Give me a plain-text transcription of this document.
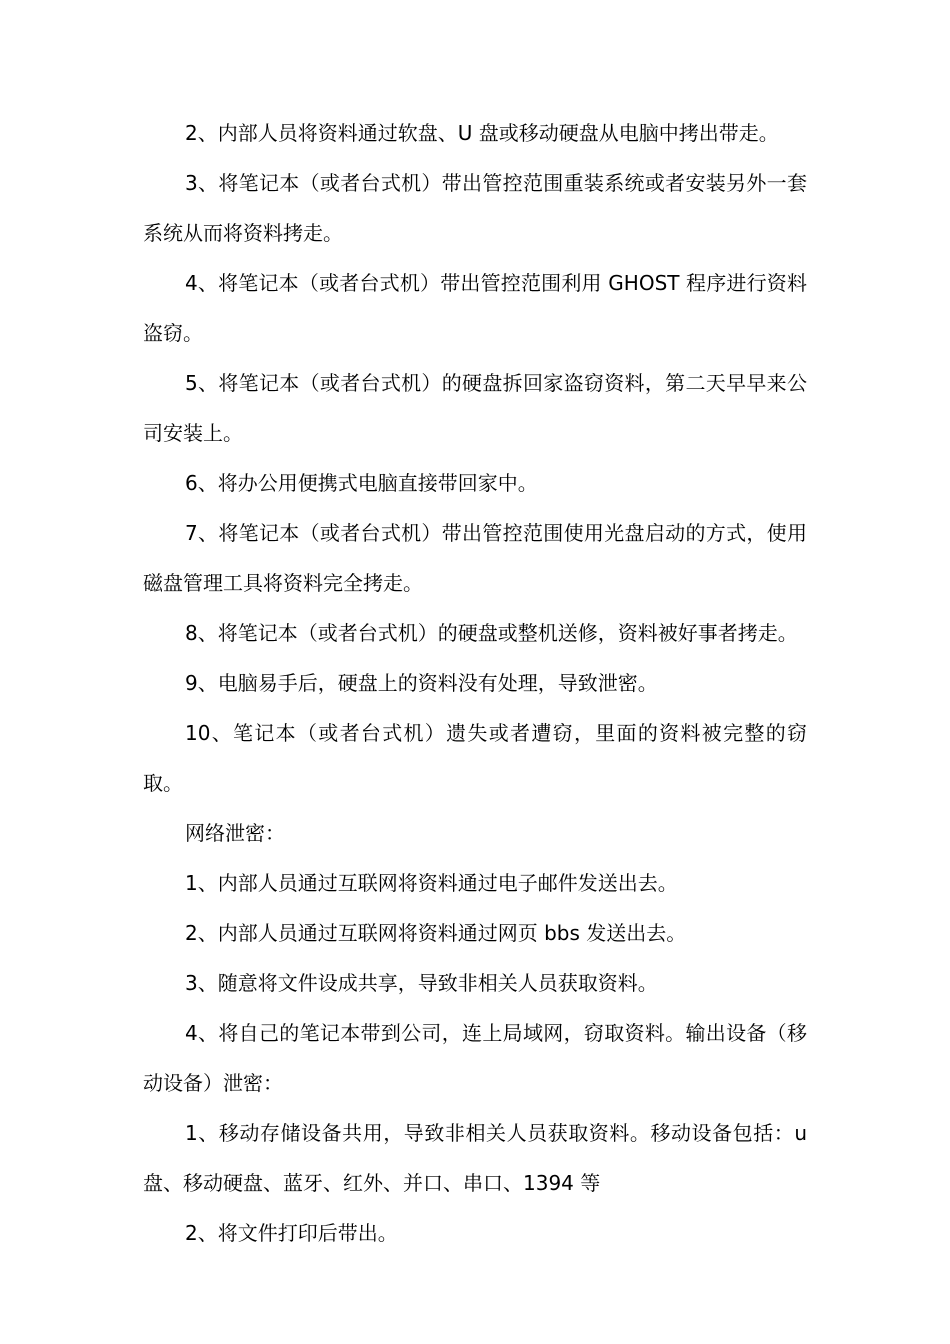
2、内部人员将资料通过软盘、U 盘或移动硬盘从电脑中拷出带走。

3、将笔记本（或者台式机）带出管控范围重装系统或者安装另外一套系统从而将资料拷走。

4、将笔记本（或者台式机）带出管控范围利用 GHOST 程序进行资料盗窃。

5、将笔记本（或者台式机）的硬盘拆回家盗窃资料，第二天早早来公司安装上。

6、将办公用便携式电脑直接带回家中。

7、将笔记本（或者台式机）带出管控范围使用光盘启动的方式，使用磁盘管理工具将资料完全拷走。

8、将笔记本（或者台式机）的硬盘或整机送修，资料被好事者拷走。

9、电脑易手后，硬盘上的资料没有处理，导致泄密。

10、笔记本（或者台式机）遗失或者遭窃，里面的资料被完整的窃取。

网络泄密：

1、内部人员通过互联网将资料通过电子邮件发送出去。

2、内部人员通过互联网将资料通过网页 bbs 发送出去。

3、随意将文件设成共享，导致非相关人员获取资料。

4、将自己的笔记本带到公司，连上局域网，窃取资料。输出设备（移动设备）泄密：

1、移动存储设备共用，导致非相关人员获取资料。移动设备包括：u盘、移动硬盘、蓝牙、红外、并口、串口、1394 等

2、将文件打印后带出。
